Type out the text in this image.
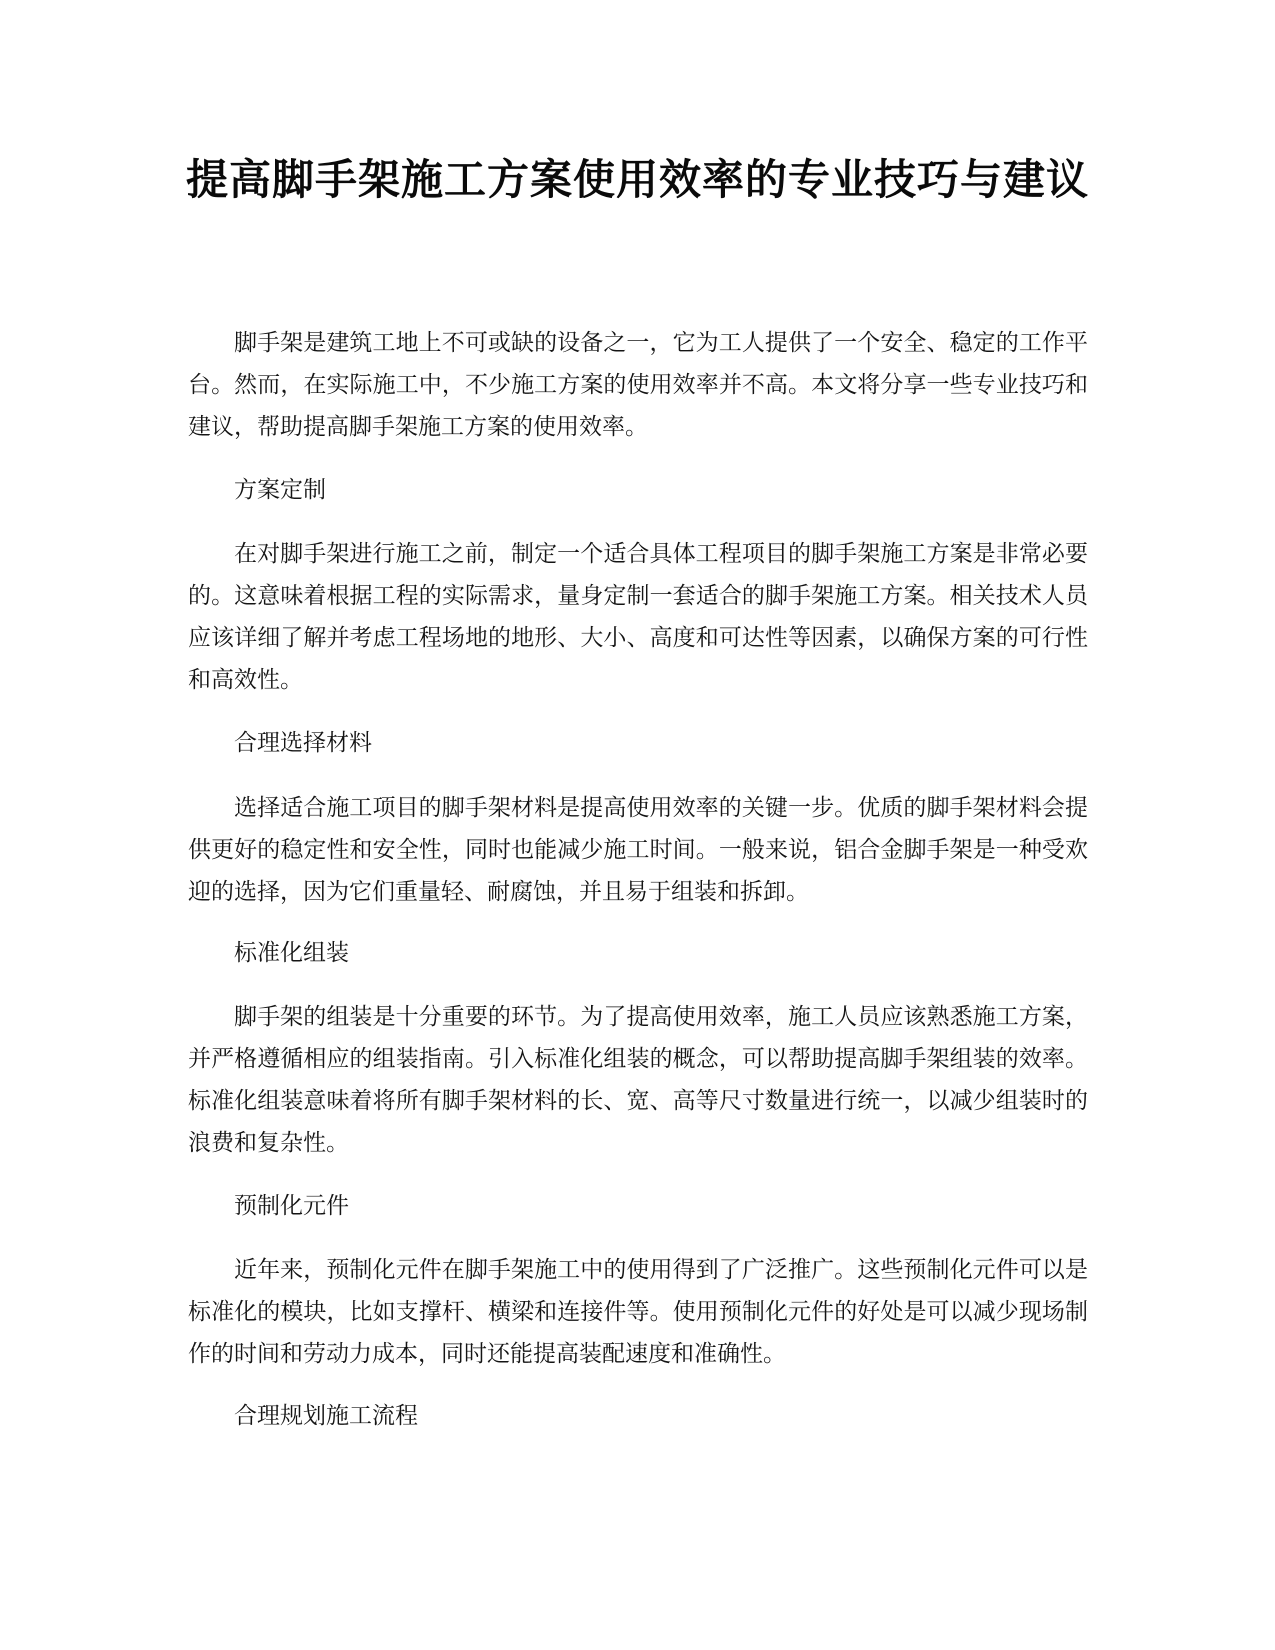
提高脚手架施工方案使用效率的专业技巧与建议

脚手架是建筑工地上不可或缺的设备之一，它为工人提供了一个安全、稳定的工作平台。然而，在实际施工中，不少施工方案的使用效率并不高。本文将分享一些专业技巧和建议，帮助提高脚手架施工方案的使用效率。

方案定制

在对脚手架进行施工之前，制定一个适合具体工程项目的脚手架施工方案是非常必要的。这意味着根据工程的实际需求，量身定制一套适合的脚手架施工方案。相关技术人员应该详细了解并考虑工程场地的地形、大小、高度和可达性等因素，以确保方案的可行性和高效性。

合理选择材料

选择适合施工项目的脚手架材料是提高使用效率的关键一步。优质的脚手架材料会提供更好的稳定性和安全性，同时也能减少施工时间。一般来说，铝合金脚手架是一种受欢迎的选择，因为它们重量轻、耐腐蚀，并且易于组装和拆卸。

标准化组装

脚手架的组装是十分重要的环节。为了提高使用效率，施工人员应该熟悉施工方案，并严格遵循相应的组装指南。引入标准化组装的概念，可以帮助提高脚手架组装的效率。标准化组装意味着将所有脚手架材料的长、宽、高等尺寸数量进行统一，以减少组装时的浪费和复杂性。

预制化元件

近年来，预制化元件在脚手架施工中的使用得到了广泛推广。这些预制化元件可以是标准化的模块，比如支撑杆、横梁和连接件等。使用预制化元件的好处是可以减少现场制作的时间和劳动力成本，同时还能提高装配速度和准确性。

合理规划施工流程
